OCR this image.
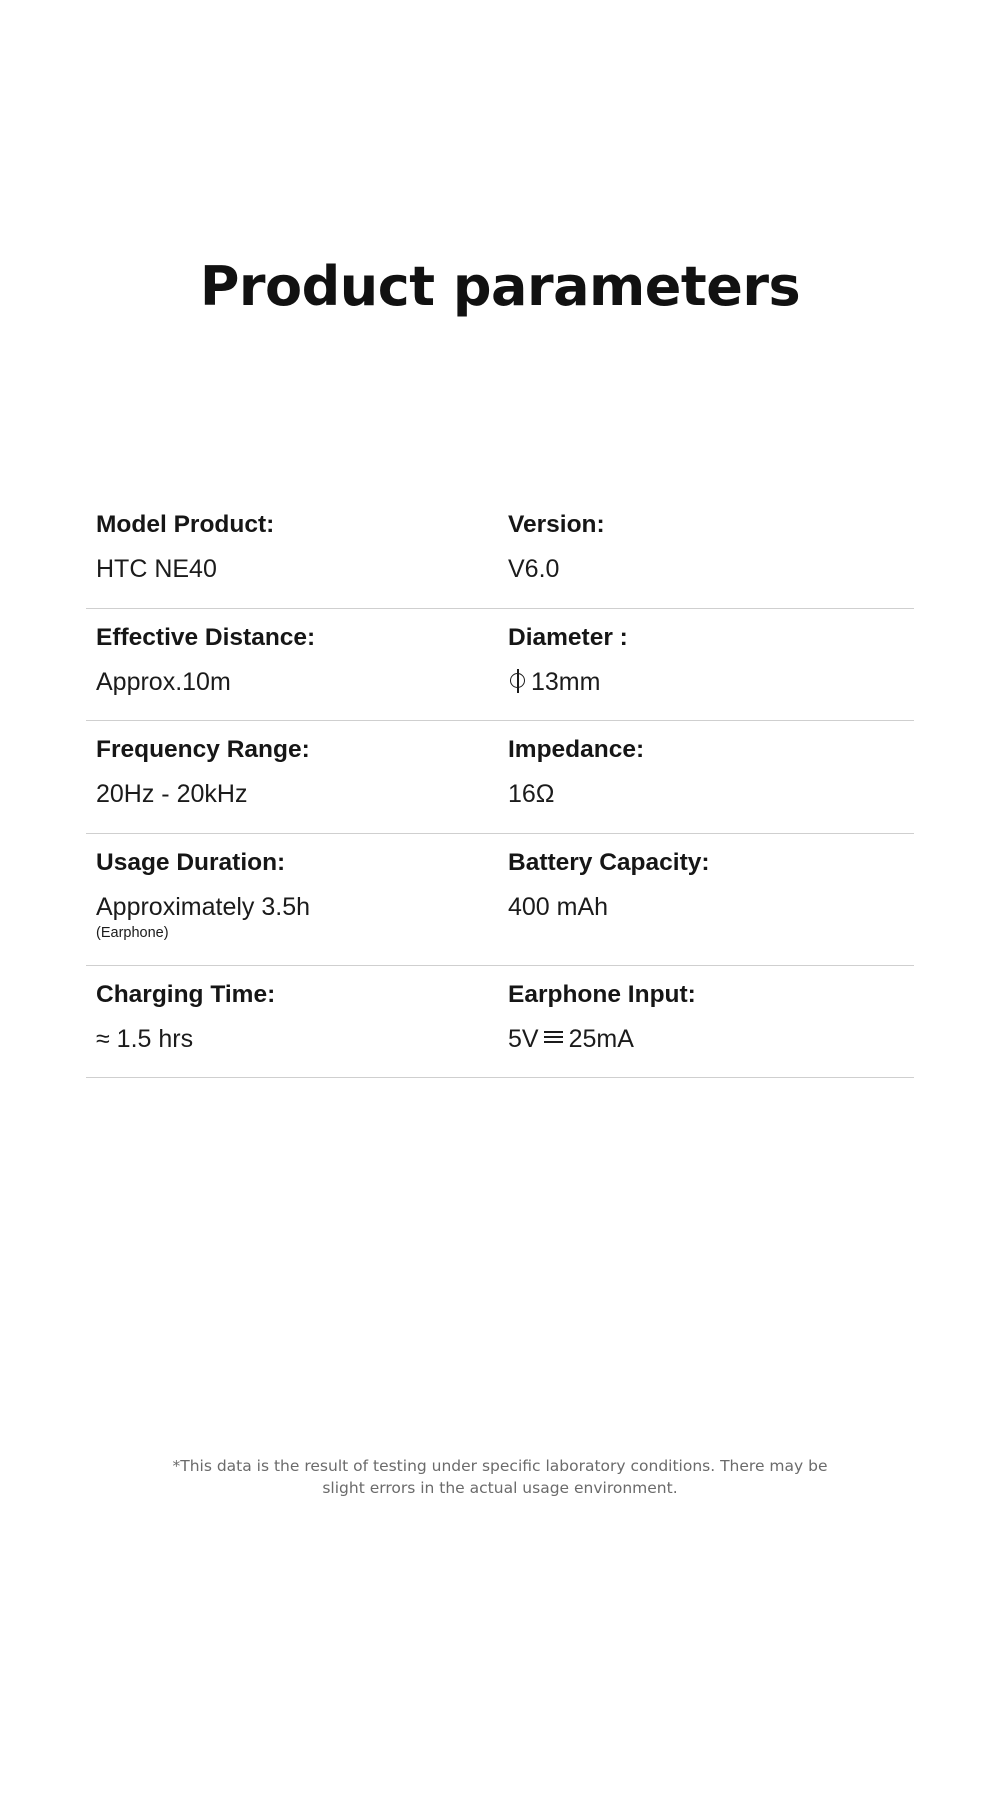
Product parameters
Model Product:
HTC NE40
Version:
V6.0
Effective Distance:
Approx.10m
Diameter :
13mm
Frequency Range:
20Hz - 20kHz
Impedance:
16Ω
Usage Duration:
Approximately 3.5h
(Earphone)
Battery Capacity:
400 mAh
Charging Time:
≈ 1.5 hrs
Earphone Input:
5V 25mA
*This data is the result of testing under specific laboratory conditions. There may be
slight errors in the actual usage environment.
